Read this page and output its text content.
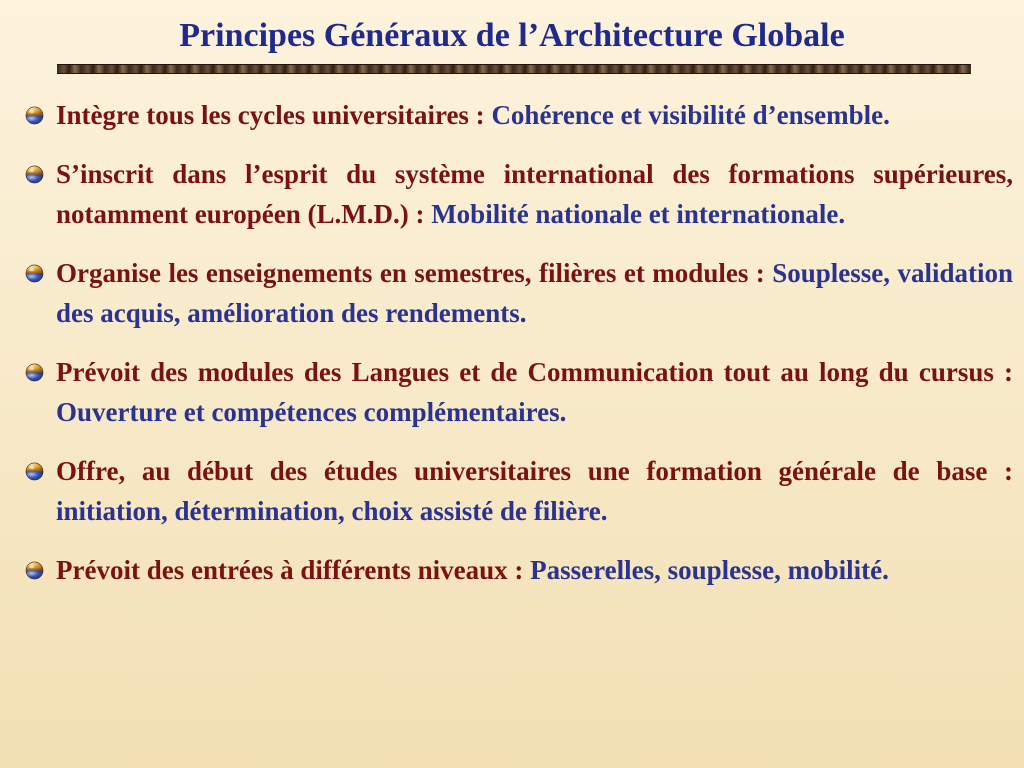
Principes Généraux de l’Architecture Globale
Intègre tous les cycles universitaires : Cohérence et visibilité d’ensemble.
S’inscrit dans l’esprit du système international des formations supérieures, notamment européen (L.M.D.) : Mobilité nationale et internationale.
Organise les enseignements en semestres, filières et modules : Souplesse, validation des acquis, amélioration des rendements.
Prévoit des modules des Langues et de Communication tout au long du cursus : Ouverture et compétences complémentaires.
Offre, au début des études universitaires une formation générale de base : initiation, détermination, choix assisté de filière.
Prévoit des entrées à différents niveaux : Passerelles, souplesse, mobilité.
